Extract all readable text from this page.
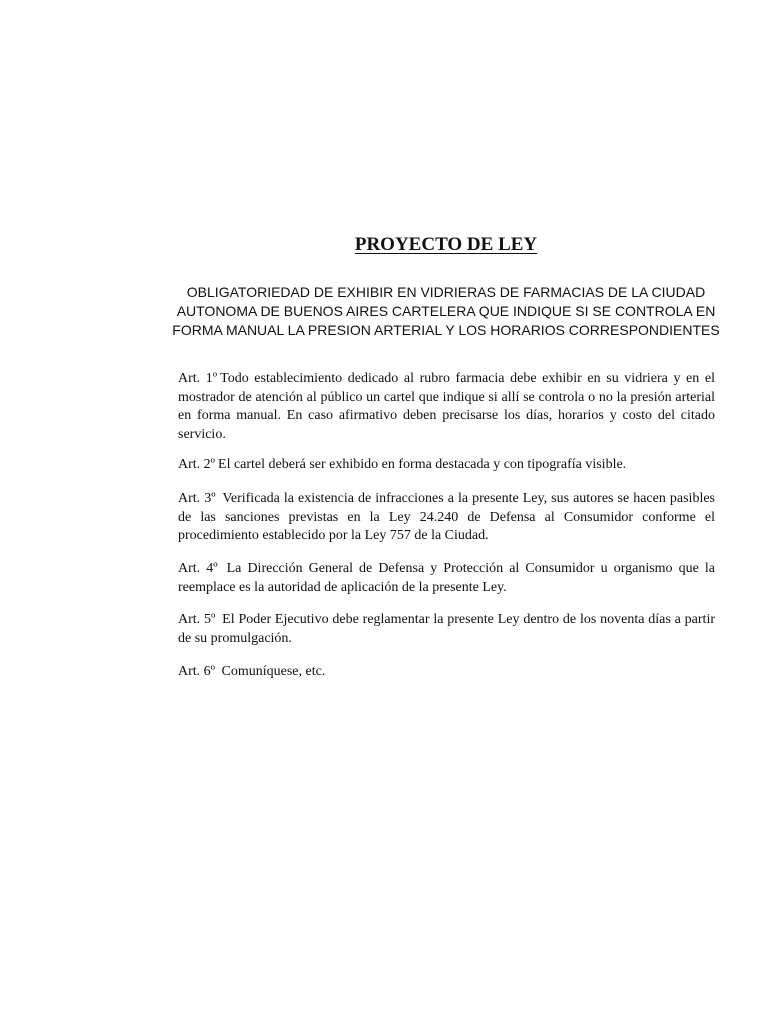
PROYECTO DE LEY

OBLIGATORIEDAD DE EXHIBIR EN VIDRIERAS DE FARMACIAS DE LA CIUDAD AUTONOMA DE BUENOS AIRES CARTELERA QUE INDIQUE SI SE CONTROLA EN FORMA MANUAL LA PRESION ARTERIAL Y LOS HORARIOS CORRESPONDIENTES

Art. 1º Todo establecimiento dedicado al rubro farmacia debe exhibir en su vidriera y en el mostrador de atención al público un cartel que indique si allí se controla o no la presión arterial en forma manual. En caso afirmativo deben precisarse los días, horarios y costo del citado servicio.

Art. 2º El cartel deberá ser exhibido en forma destacada y con tipografía visible.

Art. 3º Verificada la existencia de infracciones a la presente Ley, sus autores se hacen pasibles de las sanciones previstas en la Ley 24.240 de Defensa al Consumidor conforme el procedimiento establecido por la Ley 757 de la Ciudad.

Art. 4º La Dirección General de Defensa y Protección al Consumidor u organismo que la reemplace es la autoridad de aplicación de la presente Ley.

Art. 5º El Poder Ejecutivo debe reglamentar la presente Ley dentro de los noventa días a partir de su promulgación.

Art. 6º Comuníquese, etc.
